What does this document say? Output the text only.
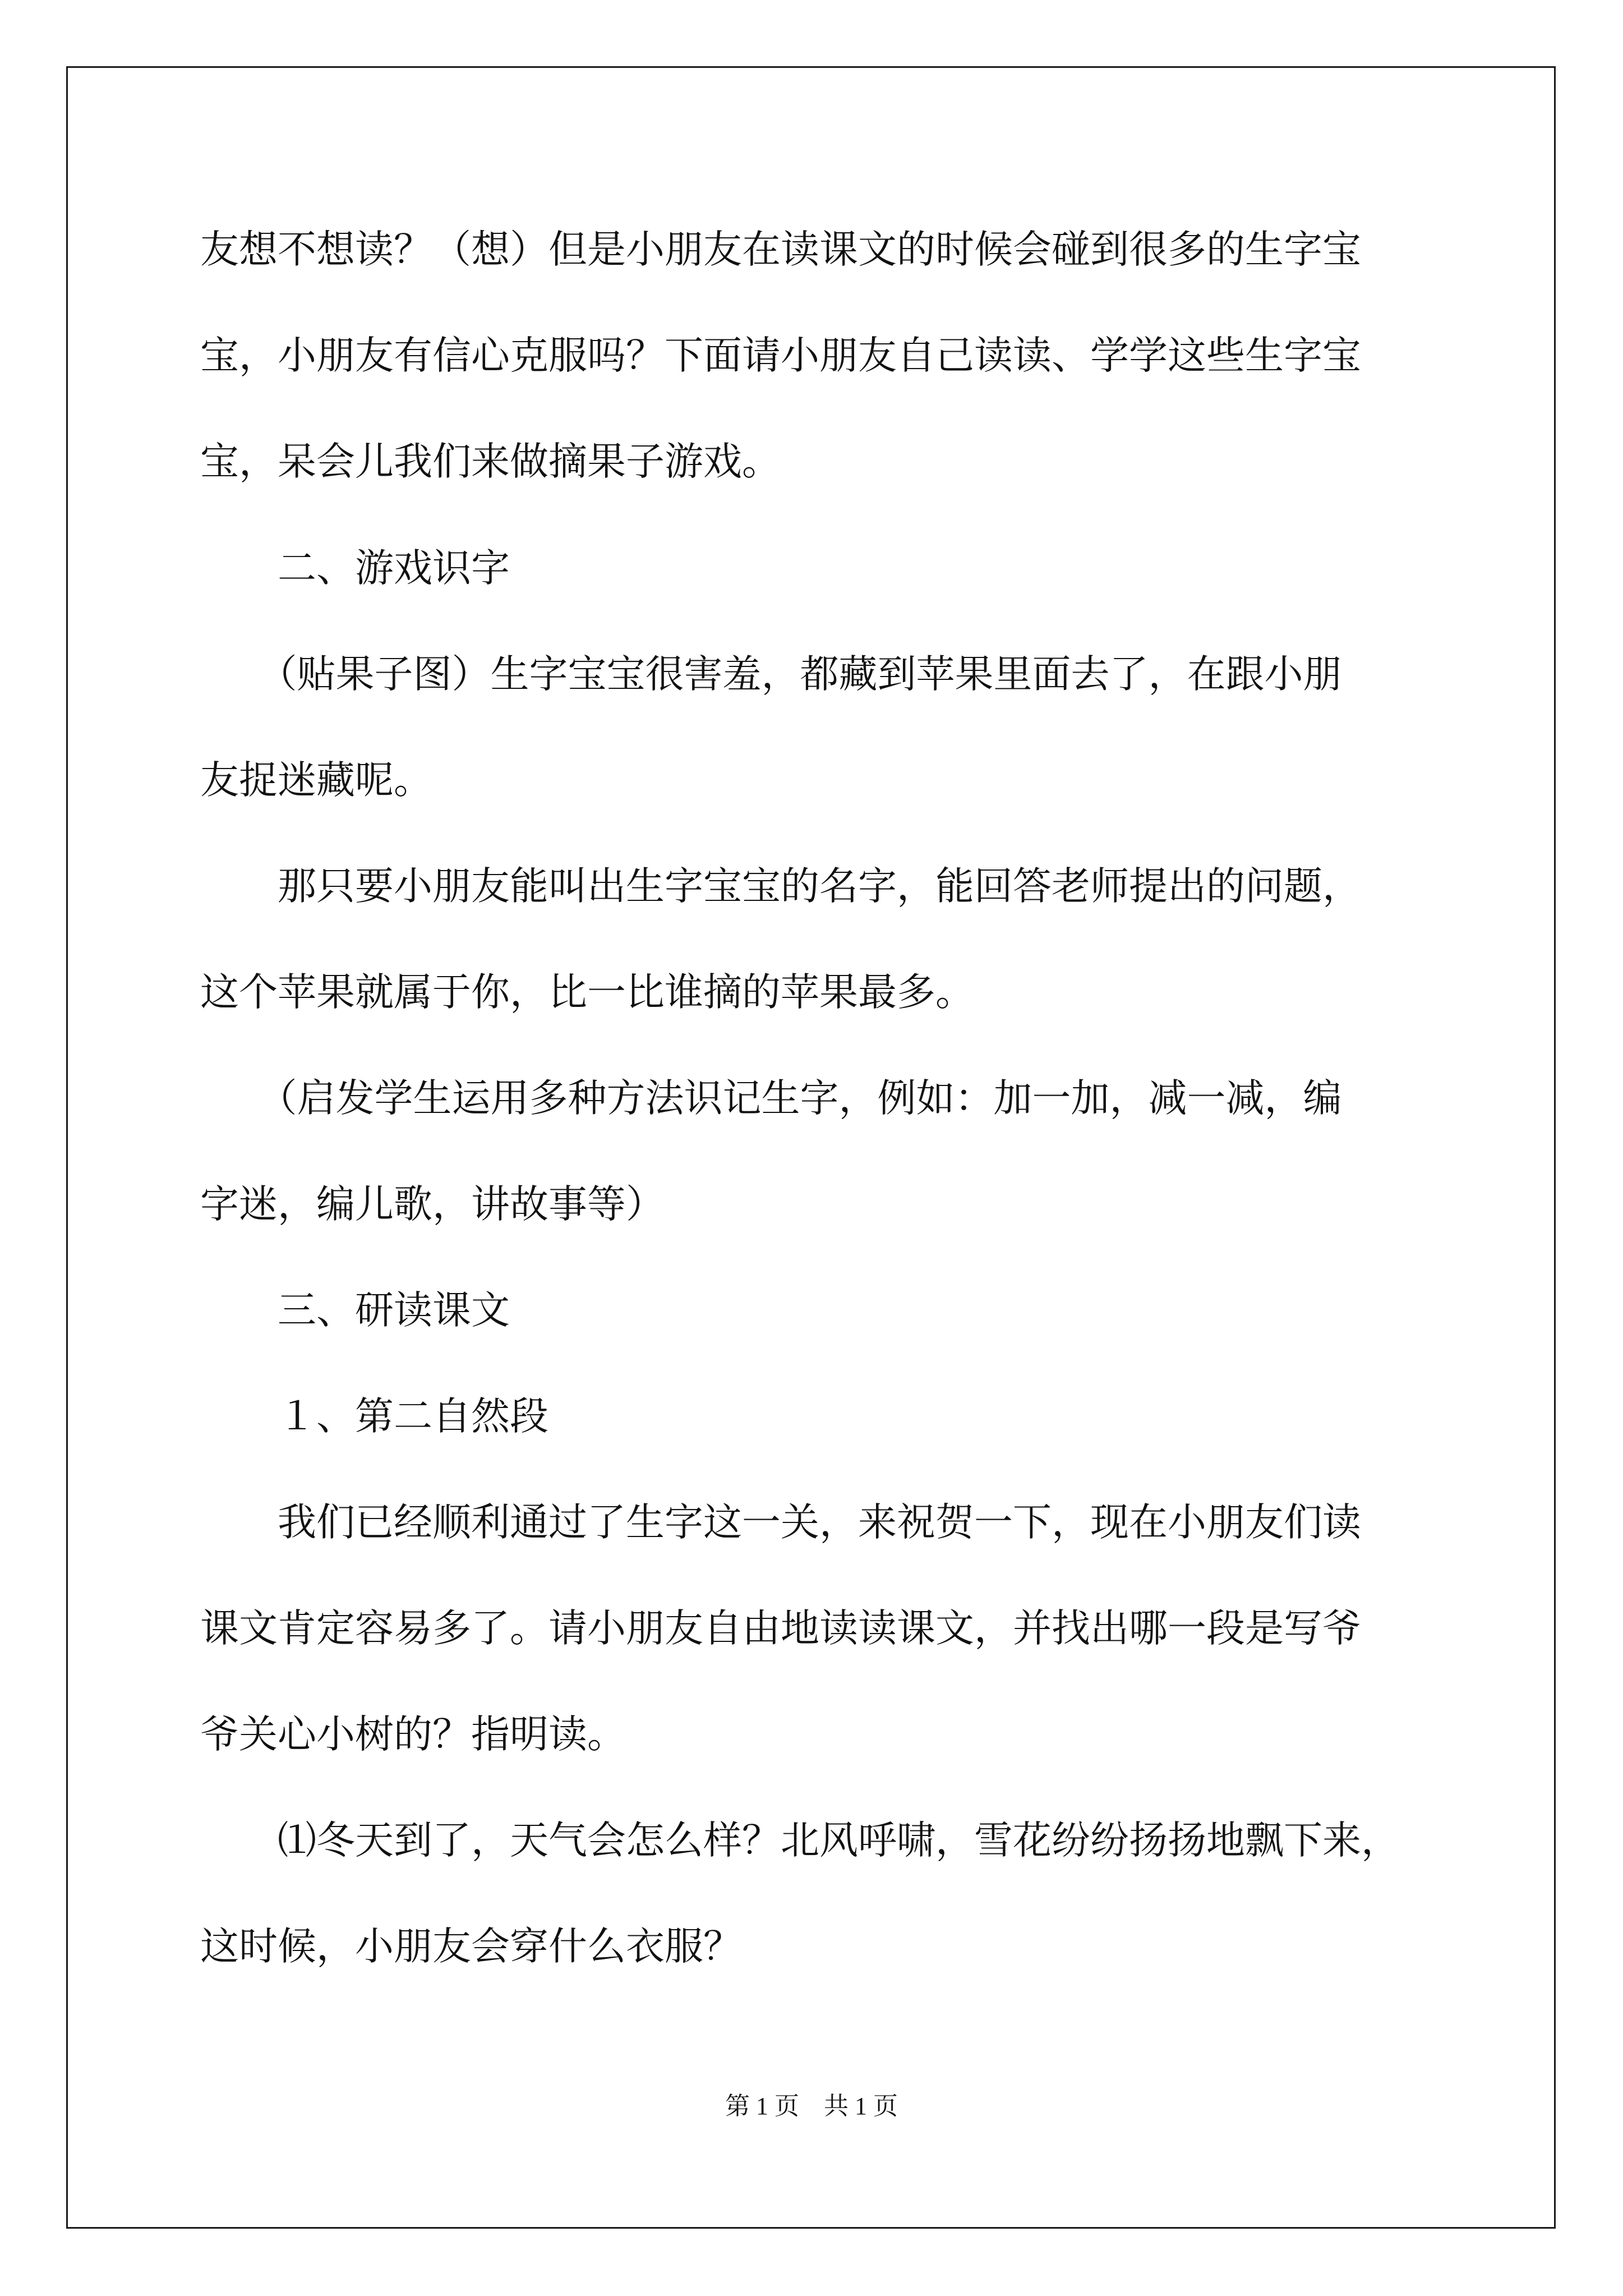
友想不想读？（想）但是小朋友在读课文的时候会碰到很多的生字宝
宝，小朋友有信心克服吗？下面请小朋友自己读读、学学这些生字宝
宝，呆会儿我们来做摘果子游戏。
　　二、游戏识字
　　（贴果子图）生字宝宝很害羞，都藏到苹果里面去了，在跟小朋
友捉迷藏呢。
　　那只要小朋友能叫出生字宝宝的名字，能回答老师提出的问题，
这个苹果就属于你，比一比谁摘的苹果最多。
　　（启发学生运用多种方法识记生字，例如：加一加，减一减，编
字迷，编儿歌，讲故事等）
　　三、研读课文
　　１、第二自然段
　　我们已经顺利通过了生字这一关，来祝贺一下，现在小朋友们读
课文肯定容易多了。请小朋友自由地读读课文，并找出哪一段是写爷
爷关心小树的？指明读。
　　⑴冬天到了，天气会怎么样？北风呼啸，雪花纷纷扬扬地飘下来，
这时候，小朋友会穿什么衣服？
第 1 页　共 1 页
